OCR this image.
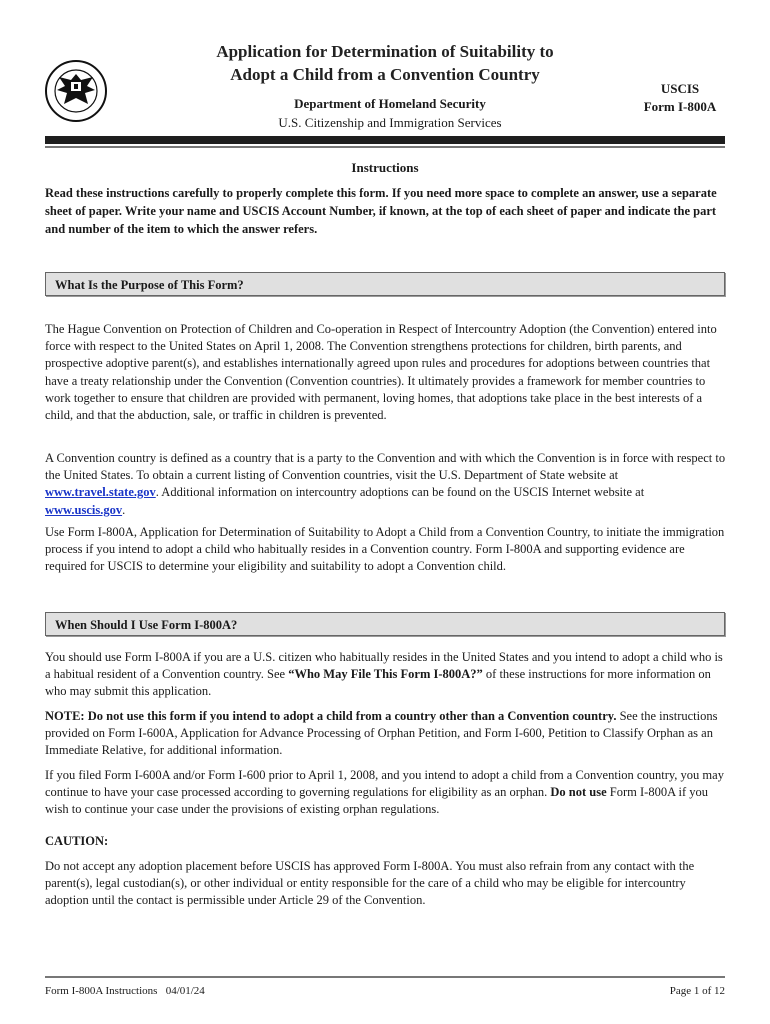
Application for Determination of Suitability to
Adopt a Child from a Convention Country
Department of Homeland Security
U.S. Citizenship and Immigration Services
USCIS
Form I-800A
Instructions
Read these instructions carefully to properly complete this form. If you need more space to complete an answer, use a separate sheet of paper. Write your name and USCIS Account Number, if known, at the top of each sheet of paper and indicate the part and number of the item to which the answer refers.
What Is the Purpose of This Form?
The Hague Convention on Protection of Children and Co-operation in Respect of Intercountry Adoption (the Convention) entered into force with respect to the United States on April 1, 2008. The Convention strengthens protections for children, birth parents, and prospective adoptive parent(s), and establishes internationally agreed upon rules and procedures for adoptions between countries that have a treaty relationship under the Convention (Convention countries). It ultimately provides a framework for member countries to work together to ensure that children are provided with permanent, loving homes, that adoptions take place in the best interests of a child, and that the abduction, sale, or traffic in children is prevented.
A Convention country is defined as a country that is a party to the Convention and with which the Convention is in force with respect to the United States. To obtain a current listing of Convention countries, visit the U.S. Department of State website at www.travel.state.gov. Additional information on intercountry adoptions can be found on the USCIS Internet website at www.uscis.gov.
Use Form I-800A, Application for Determination of Suitability to Adopt a Child from a Convention Country, to initiate the immigration process if you intend to adopt a child who habitually resides in a Convention country. Form I-800A and supporting evidence are required for USCIS to determine your eligibility and suitability to adopt a Convention child.
When Should I Use Form I-800A?
You should use Form I-800A if you are a U.S. citizen who habitually resides in the United States and you intend to adopt a child who is a habitual resident of a Convention country. See “Who May File This Form I-800A?” of these instructions for more information on who may submit this application.
NOTE: Do not use this form if you intend to adopt a child from a country other than a Convention country. See the instructions provided on Form I-600A, Application for Advance Processing of Orphan Petition, and Form I-600, Petition to Classify Orphan as an Immediate Relative, for additional information.
If you filed Form I-600A and/or Form I-600 prior to April 1, 2008, and you intend to adopt a child from a Convention country, you may continue to have your case processed according to governing regulations for eligibility as an orphan. Do not use Form I-800A if you wish to continue your case under the provisions of existing orphan regulations.
CAUTION:
Do not accept any adoption placement before USCIS has approved Form I-800A. You must also refrain from any contact with the parent(s), legal custodian(s), or other individual or entity responsible for the care of a child who may be eligible for intercountry adoption until the contact is permissible under Article 29 of the Convention.
Form I-800A Instructions   04/01/24	Page 1 of 12
